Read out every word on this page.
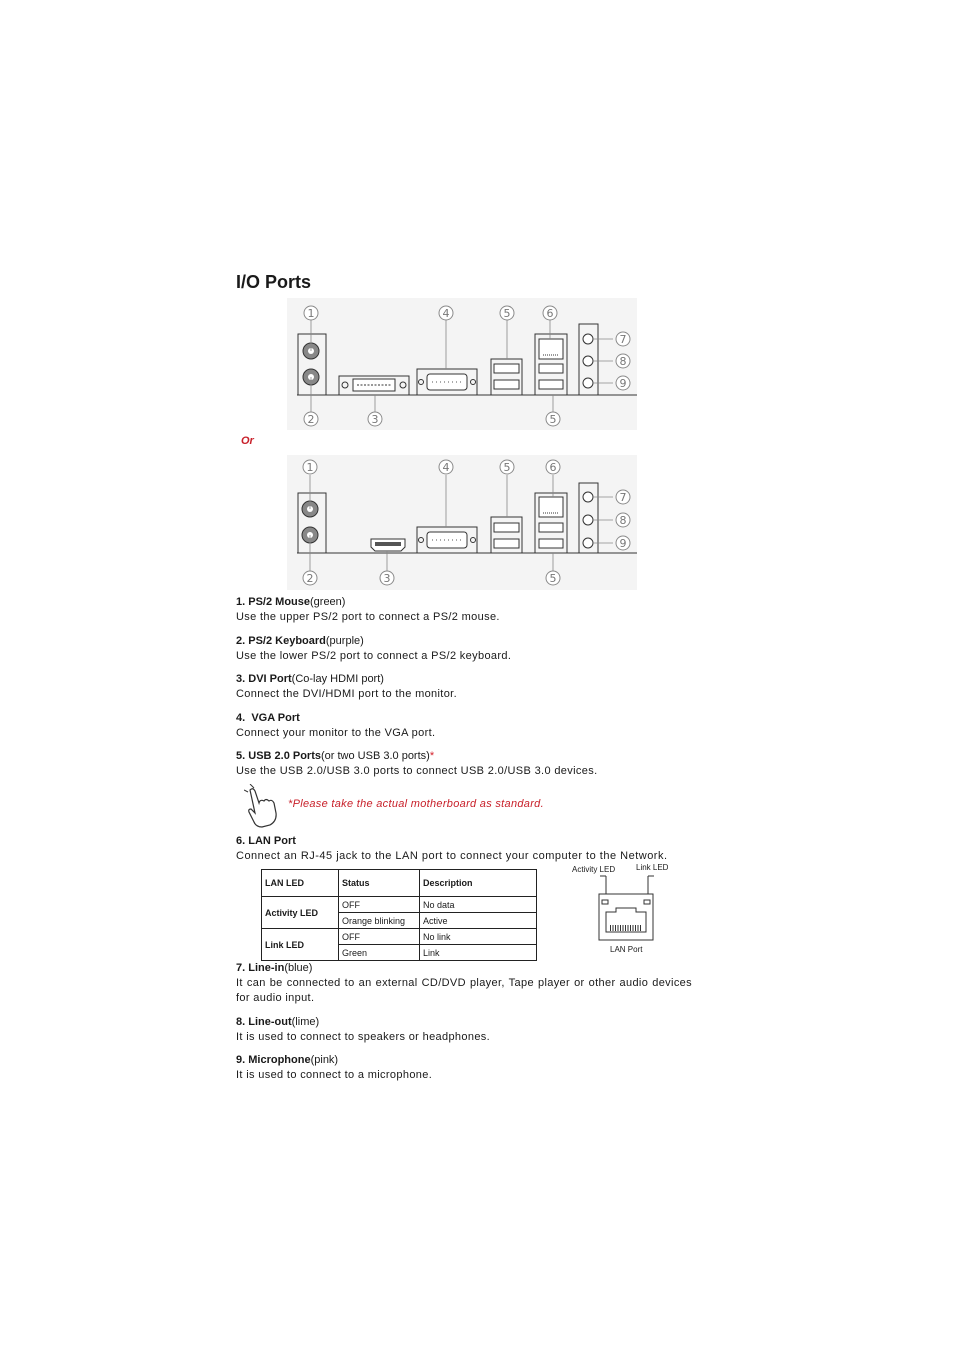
I/O Ports
1	4	5	6
7
8
9
2	3	5
Or
1	4	5	6
7
8
9
2	3	5
1. PS/2 Mouse(green)
Use the upper PS/2 port to connect a PS/2 mouse.
2. PS/2 Keyboard(purple)
Use the lower PS/2 port to connect a PS/2 keyboard.
3. DVI Port(Co-lay HDMI port)
Connect the DVI/HDMI port to the monitor.
4. VGA Port
Connect your monitor to the VGA port.
5. USB 2.0 Ports(or two USB 3.0 ports)*
Use the USB 2.0/USB 3.0 ports to connect USB 2.0/USB 3.0 devices.
*Please take the actual motherboard as standard.
6. LAN Port
Connect an RJ-45 jack to the LAN port to connect your computer to the Network.
LAN LED	Status	Description
Activity LED	OFF	No data
	Orange blinking	Active
Link LED	OFF	No link
	Green	Link
Activity LED	Link LED
LAN Port
7. Line-in(blue)
It can be connected to an external CD/DVD player, Tape player or other audio devices for audio input.
8. Line-out(lime)
It is used to connect to speakers or headphones.
9. Microphone(pink)
It is used to connect to a microphone.
